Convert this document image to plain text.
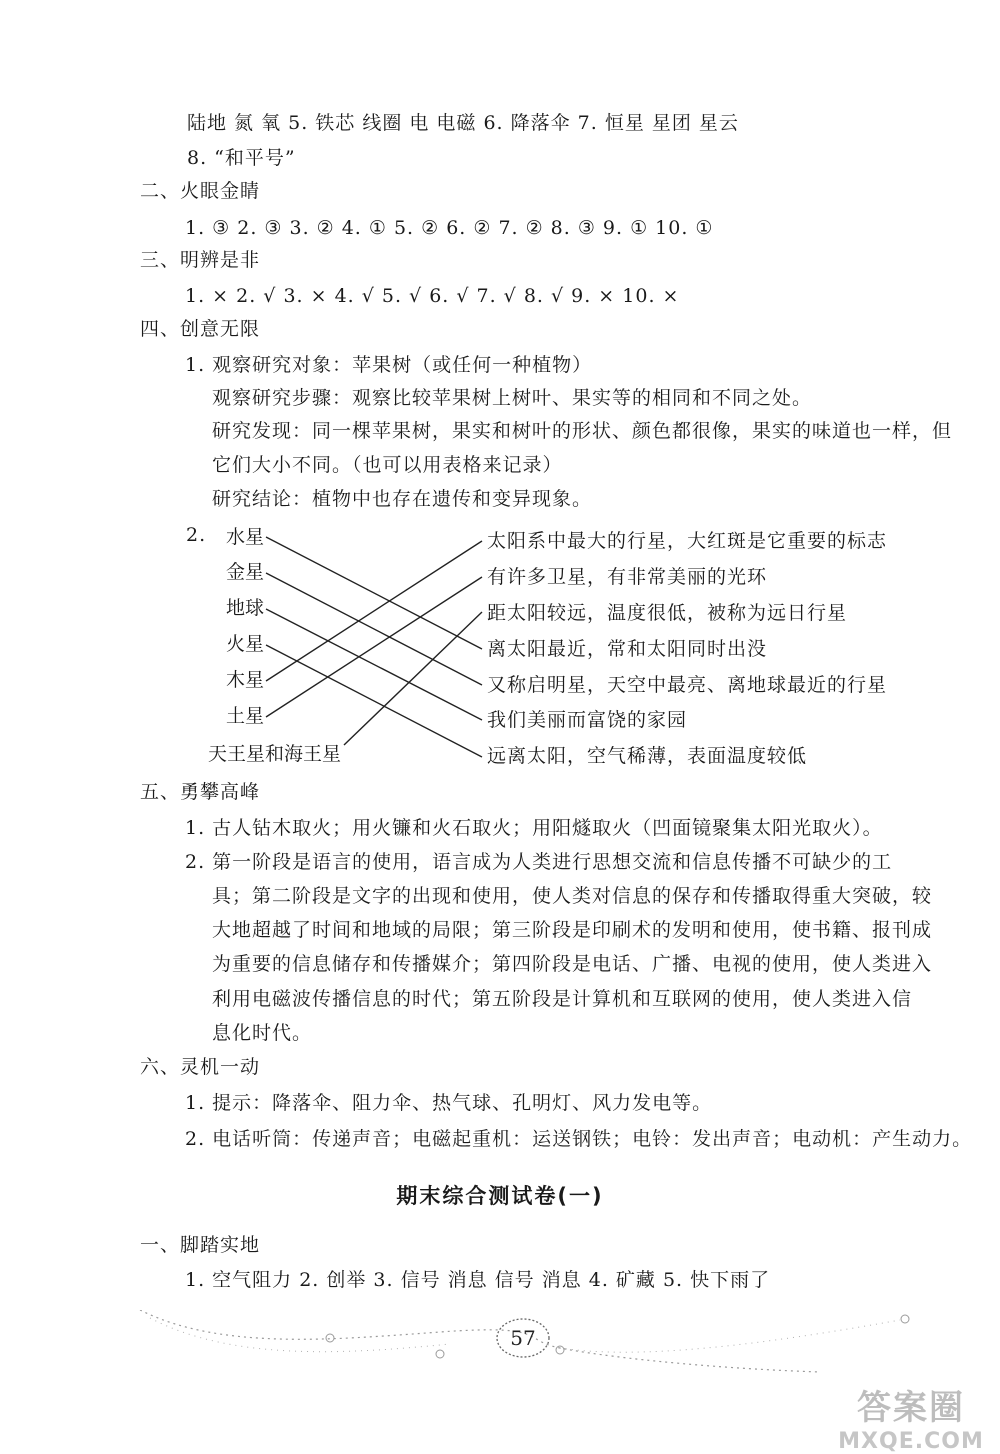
陆地 氮 氧 5. 铁芯 线圈 电 电磁 6. 降落伞 7. 恒星 星团 星云
8. “和平号”
二、火眼金睛
1. ③ 2. ③ 3. ② 4. ① 5. ② 6. ② 7. ② 8. ③ 9. ① 10. ①
三、明辨是非
1. × 2. √ 3. × 4. √ 5. √ 6. √ 7. √ 8. √ 9. × 10. ×
四、创意无限
1. 观察研究对象：苹果树（或任何一种植物）
观察研究步骤：观察比较苹果树上树叶、果实等的相同和不同之处。
研究发现：同一棵苹果树，果实和树叶的形状、颜色都很像，果实的味道也一样，但
它们大小不同。（也可以用表格来记录）
研究结论：植物中也存在遗传和变异现象。
2. 水星
金星
地球
火星
木星
土星
天王星和海王星
太阳系中最大的行星，大红斑是它重要的标志
有许多卫星，有非常美丽的光环
距太阳较远，温度很低，被称为远日行星
离太阳最近，常和太阳同时出没
又称启明星，天空中最亮、离地球最近的行星
我们美丽而富饶的家园
远离太阳，空气稀薄，表面温度较低
五、勇攀高峰
1. 古人钻木取火；用火镰和火石取火；用阳燧取火（凹面镜聚集太阳光取火）。
2. 第一阶段是语言的使用，语言成为人类进行思想交流和信息传播不可缺少的工
具；第二阶段是文字的出现和使用，使人类对信息的保存和传播取得重大突破，较
大地超越了时间和地域的局限；第三阶段是印刷术的发明和使用，使书籍、报刊成
为重要的信息储存和传播媒介；第四阶段是电话、广播、电视的使用，使人类进入
利用电磁波传播信息的时代；第五阶段是计算机和互联网的使用，使人类进入信
息化时代。
六、灵机一动
1. 提示：降落伞、阻力伞、热气球、孔明灯、风力发电等。
2. 电话听筒：传递声音；电磁起重机：运送钢铁；电铃：发出声音；电动机：产生动力。
期末综合测试卷(一)
一、脚踏实地
1. 空气阻力 2. 创举 3. 信号 消息 信号 消息 4. 矿藏 5. 快下雨了
57
答案圈
MXQE.COM
